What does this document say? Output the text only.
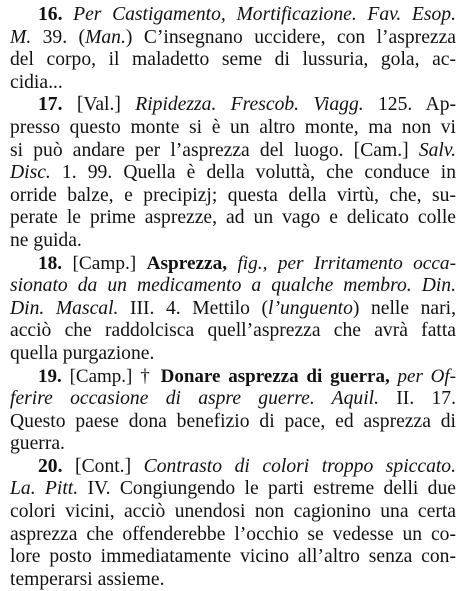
16. Per Castigamento, Mortificazione. Fav. Esop.
M. 39. (Man.) C’insegnano uccidere, con l’asprezza
del corpo, il maladetto seme di lussuria, gola, ac-
cidia...
17. [Val.] Ripidezza. Frescob. Viagg. 125. Ap-
presso questo monte si è un altro monte, ma non vi
si può andare per l’asprezza del luogo. [Cam.] Salv.
Disc. 1. 99. Quella è della voluttà, che conduce in
orride balze, e precipizj; questa della virtù, che, su-
perate le prime asprezze, ad un vago e delicato colle
ne guida.
18. [Camp.] Asprezza, fig., per Irritamento occa-
sionato da un medicamento a qualche membro. Din.
Din. Mascal. III. 4. Mettilo (l’unguento) nelle nari,
acciò che raddolcisca quell’asprezza che avrà fatta
quella purgazione.
19. [Camp.] † Donare asprezza di guerra, per Of-
ferire occasione di aspre guerre. Aquil. II. 17.
Questo paese dona benefizio di pace, ed asprezza di
guerra.
20. [Cont.] Contrasto di colori troppo spiccato.
La. Pitt. IV. Congiungendo le parti estreme delli due
colori vicini, acciò unendosi non cagionino una certa
asprezza che offenderebbe l’occhio se vedesse un co-
lore posto immediatamente vicino all’altro senza con-
temperarsi assieme.
